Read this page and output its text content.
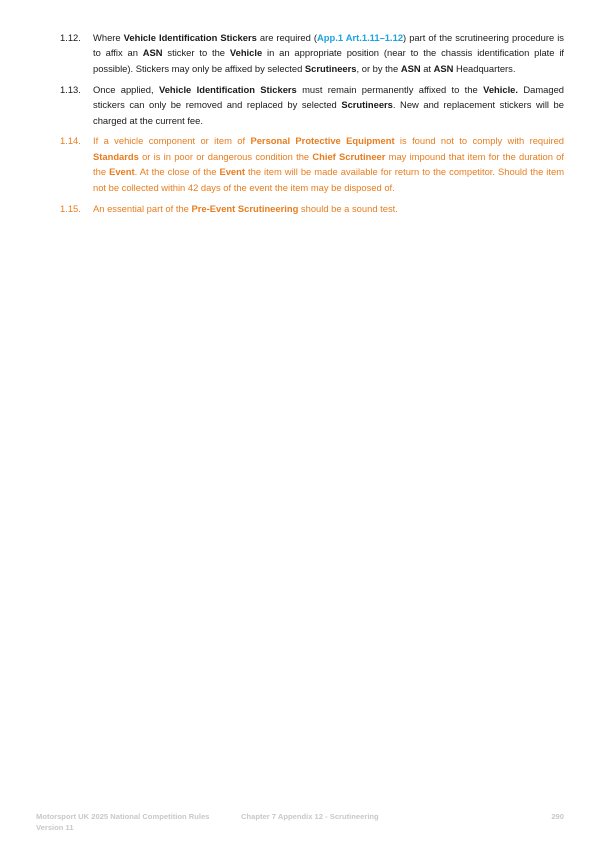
1.12.	Where Vehicle Identification Stickers are required (App.1 Art.1.11–1.12) part of the scrutineering procedure is to affix an ASN sticker to the Vehicle in an appropriate position (near to the chassis identification plate if possible). Stickers may only be affixed by selected Scrutineers, or by the ASN at ASN Headquarters.
1.13.	Once applied, Vehicle Identification Stickers must remain permanently affixed to the Vehicle. Damaged stickers can only be removed and replaced by selected Scrutineers. New and replacement stickers will be charged at the current fee.
1.14.	If a vehicle component or item of Personal Protective Equipment is found not to comply with required Standards or is in poor or dangerous condition the Chief Scrutineer may impound that item for the duration of the Event. At the close of the Event the item will be made available for return to the competitor. Should the item not be collected within 42 days of the event the item may be disposed of.
1.15.	An essential part of the Pre-Event Scrutineering should be a sound test.
Motorsport UK 2025 National Competition Rules
Version 11
Chapter 7 Appendix 12 - Scrutineering	290
